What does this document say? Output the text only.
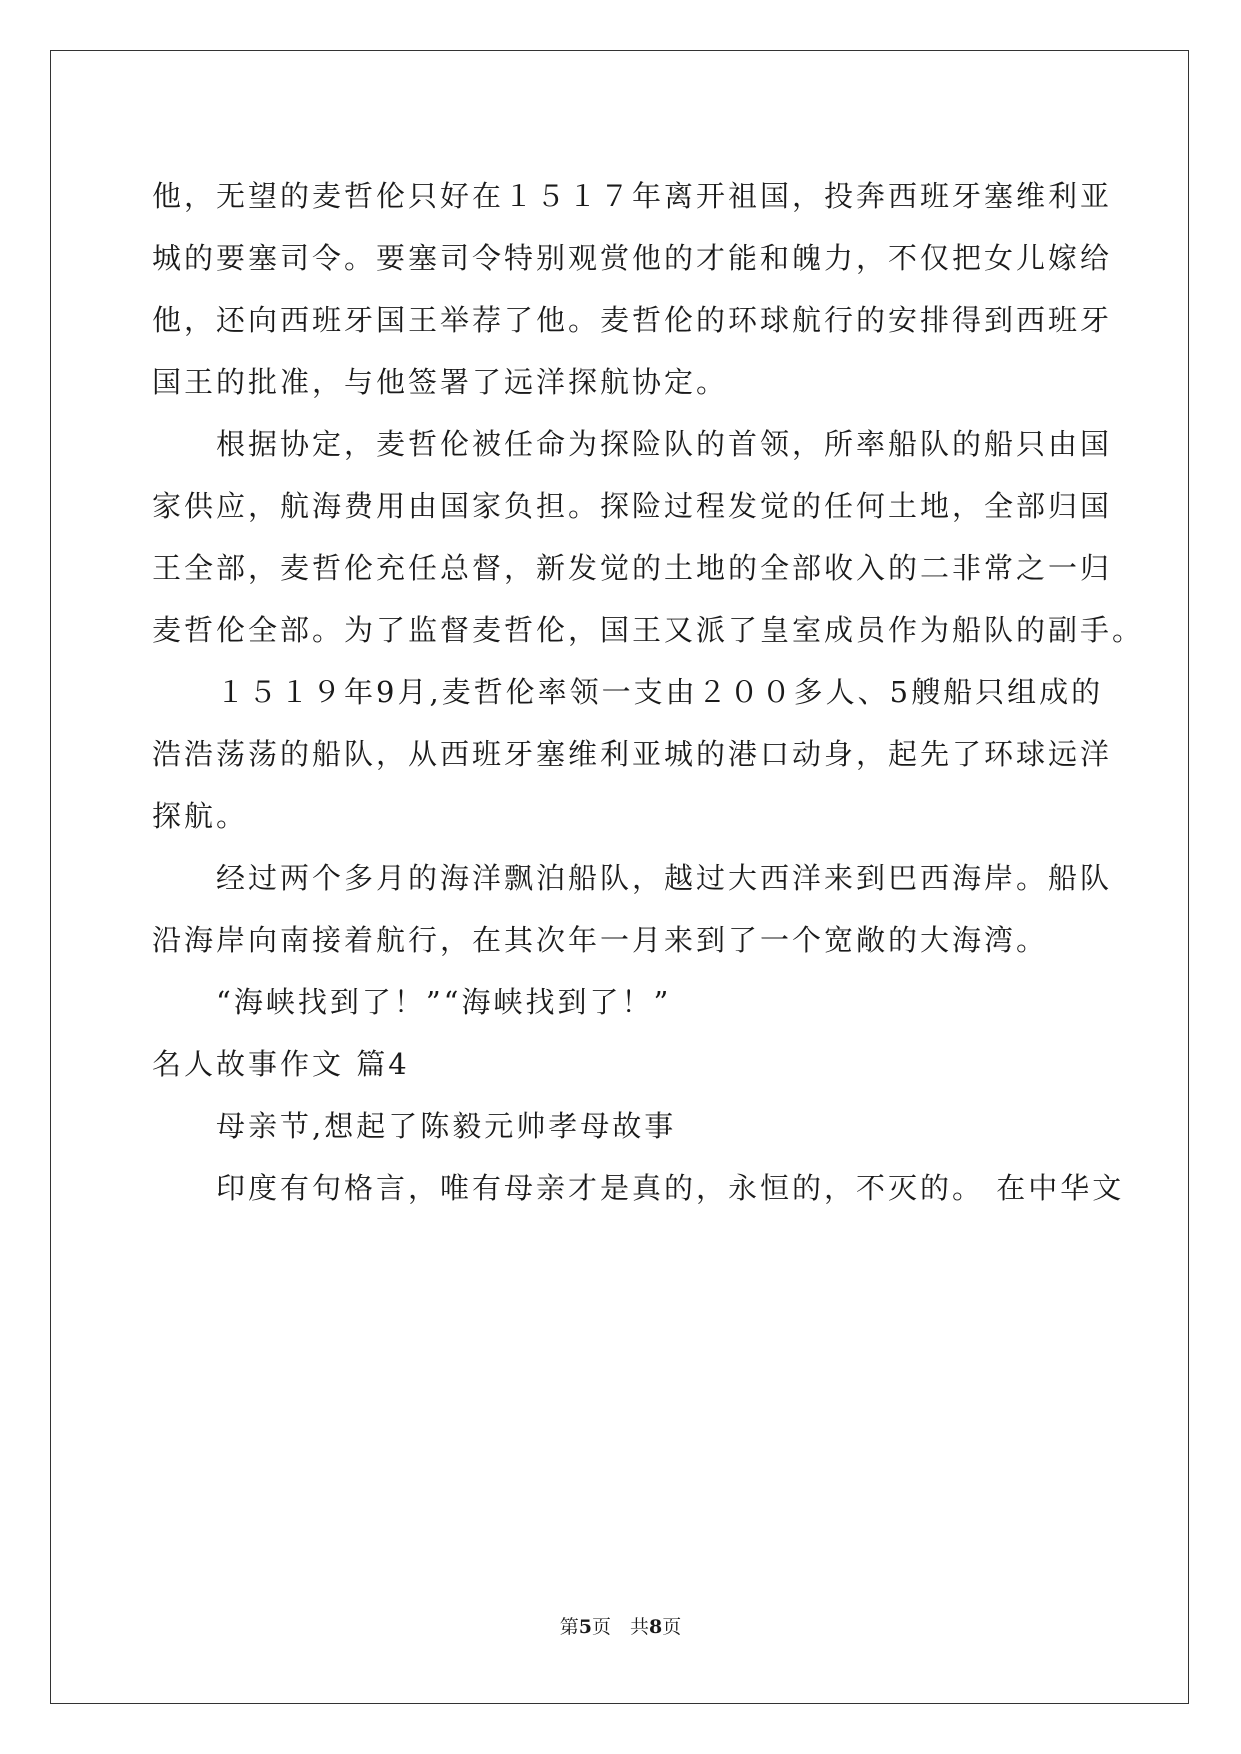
他，无望的麦哲伦只好在１５１７年离开祖国，投奔西班牙塞维利亚
城的要塞司令。要塞司令特别观赏他的才能和魄力，不仅把女儿嫁给
他，还向西班牙国王举荐了他。麦哲伦的环球航行的安排得到西班牙
国王的批准，与他签署了远洋探航协定。
　　根据协定，麦哲伦被任命为探险队的首领，所率船队的船只由国
家供应，航海费用由国家负担。探险过程发觉的任何土地，全部归国
王全部，麦哲伦充任总督，新发觉的土地的全部收入的二非常之一归
麦哲伦全部。为了监督麦哲伦，国王又派了皇室成员作为船队的副手。
　　１５１９年9月,麦哲伦率领一支由２００多人、5艘船只组成的
浩浩荡荡的船队，从西班牙塞维利亚城的港口动身，起先了环球远洋
探航。
　　经过两个多月的海洋飘泊船队，越过大西洋来到巴西海岸。船队
沿海岸向南接着航行，在其次年一月来到了一个宽敞的大海湾。
　　“海峡找到了！”“海峡找到了！”
名人故事作文 篇4
　　母亲节,想起了陈毅元帅孝母故事
　　印度有句格言，唯有母亲才是真的，永恒的，不灭的。 在中华文
第5页　共8页
